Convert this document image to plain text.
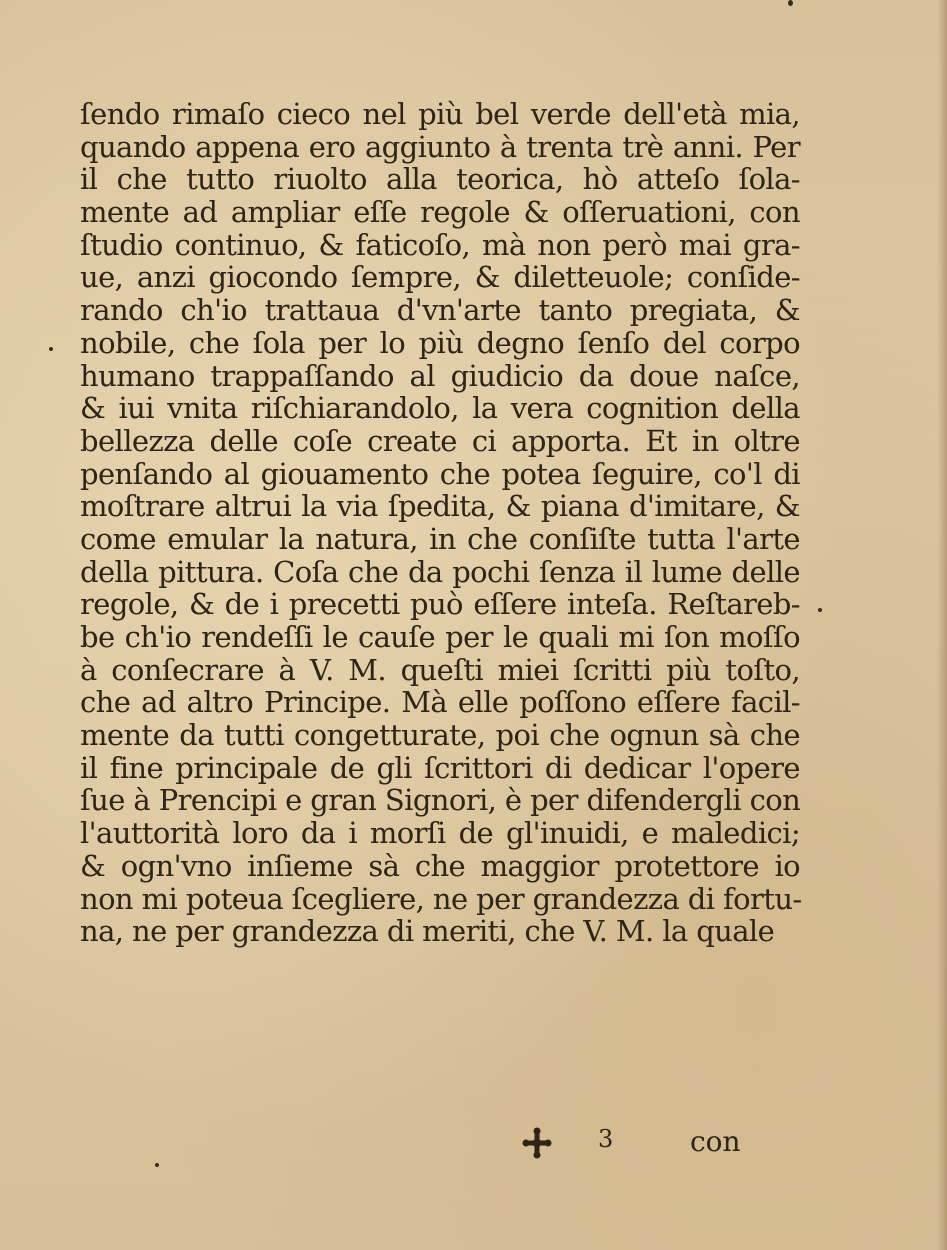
ſendo rimaſo cieco nel più bel verde dell'età mia,
quando appena ero aggiunto à trenta trè anni. Per
il che tutto riuolto alla teorica, hò atteſo ſola-
mente ad ampliar eſſe regole & oſſeruationi, con
ſtudio continuo, & faticoſo, mà non però mai gra-
ue, anzi giocondo ſempre, & diletteuole; conſide-
rando ch'io trattaua d'vn'arte tanto pregiata, &
nobile, che ſola per lo più degno ſenſo del corpo
humano trappaſſando al giudicio da doue naſce,
& iui vnita riſchiarandolo, la vera cognition della
bellezza delle coſe create ci apporta. Et in oltre
penſando al giouamento che potea ſeguire, co'l di
moſtrare altrui la via ſpedita, & piana d'imitare, &
come emular la natura, in che conſiſte tutta l'arte
della pittura. Coſa che da pochi ſenza il lume delle
regole, & de i precetti può eſſere inteſa. Reſtareb-
be ch'io rendeſſi le cauſe per le quali mi ſon moſſo
à conſecrare à V. M. queſti miei ſcritti più toſto,
che ad altro Principe. Mà elle poſſono eſſere facil-
mente da tutti congetturate, poi che ognun sà che
il fine principale de gli ſcrittori di dedicar l'opere
ſue à Prencipi e gran Signori, è per difendergli con
l'auttorità loro da i morſi de gl'inuidi, e maledici;
& ogn'vno inſieme sà che maggior protettore io
non mi poteua ſcegliere, ne per grandezza di fortu-
na, ne per grandezza di meriti, che V. M. la quale
3	con
